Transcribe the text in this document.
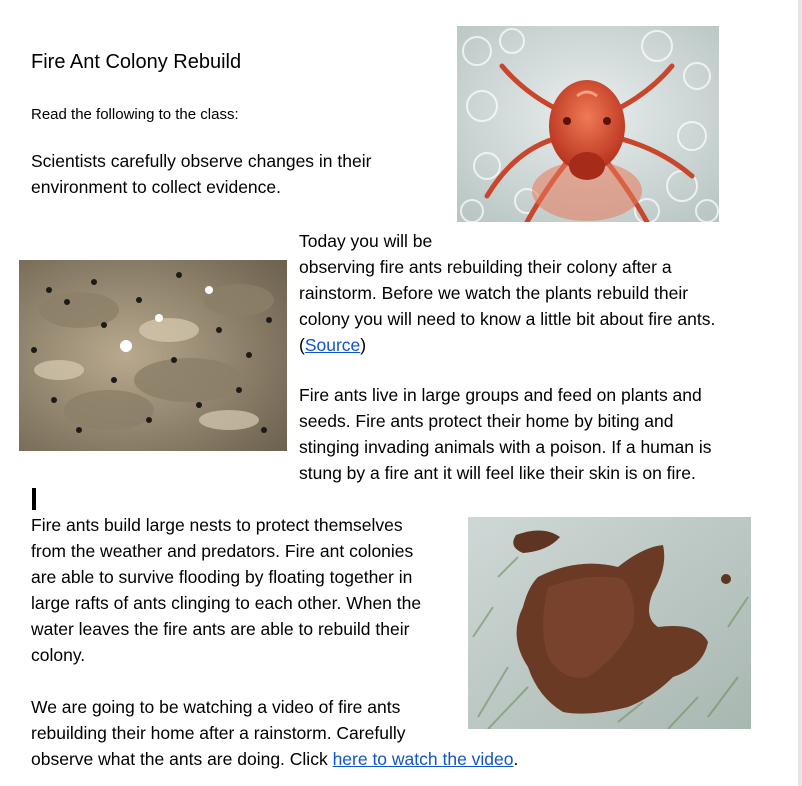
Fire Ant Colony Rebuild
Read the following to the class:
Scientists carefully observe changes in their
environment to collect evidence.
Today you will be
observing fire ants rebuilding their colony after a
rainstorm. Before we watch the plants rebuild their
colony you will need to know a little bit about fire ants.
(Source)
Fire ants live in large groups and feed on plants and
seeds. Fire ants protect their home by biting and
stinging invading animals with a poison. If a human is
stung by a fire ant it will feel like their skin is on fire.
Fire ants build large nests to protect themselves
from the weather and predators. Fire ant colonies
are able to survive flooding by floating together in
large rafts of ants clinging to each other. When the
water leaves the fire ants are able to rebuild their
colony.
We are going to be watching a video of fire ants
rebuilding their home after a rainstorm. Carefully
observe what the ants are doing. Click here to watch the video.
